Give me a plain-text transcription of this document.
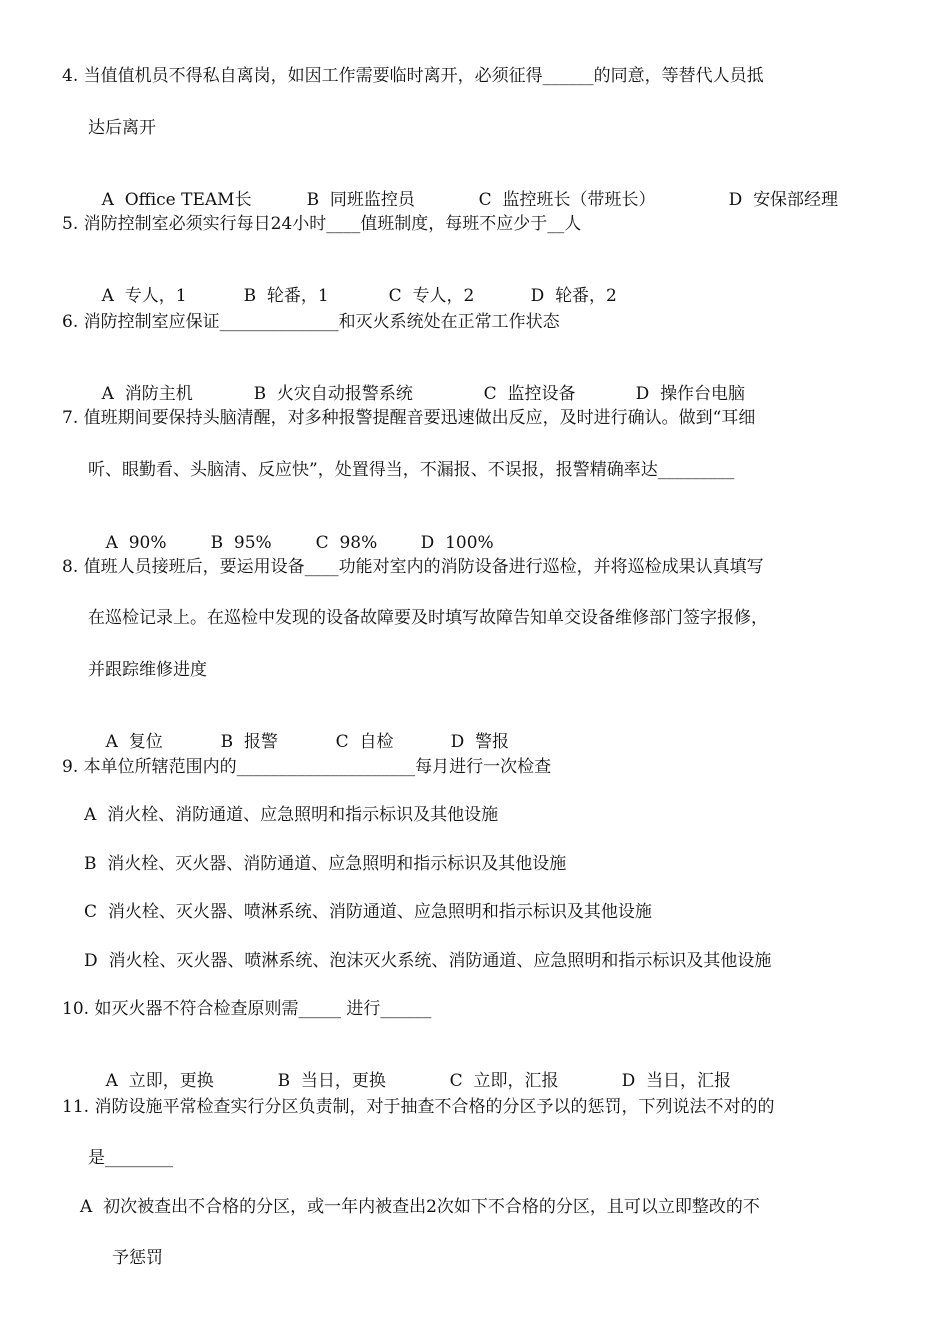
4. 当值值机员不得私自离岗，如因工作需要临时离开，必须征得______的同意，等替代人员抵
达后离开

A  Office TEAM长	B  同班监控员	C  监控班长（带班长）	D  安保部经理

5. 消防控制室必须实行每日24小时____值班制度，每班不应少于__人

A  专人，1	B  轮番，1	C  专人，2	D  轮番，2

6. 消防控制室应保证______________和灭火系统处在正常工作状态

A  消防主机	B  火灾自动报警系统	C  监控设备	D  操作台电脑

7. 值班期间要保持头脑清醒，对多种报警提醒音要迅速做出反应，及时进行确认。做到“耳细
听、眼勤看、头脑清、反应快”，处置得当，不漏报、不误报，报警精确率达_________

A  90%	B  95%	C  98%	D  100%

8. 值班人员接班后，要运用设备____功能对室内的消防设备进行巡检，并将巡检成果认真填写
在巡检记录上。在巡检中发现的设备故障要及时填写故障告知单交设备维修部门签字报修，
并跟踪维修进度

A  复位	B  报警	C  自检	D  警报

9. 本单位所辖范围内的_____________________每月进行一次检查
A  消火栓、消防通道、应急照明和指示标识及其他设施
B  消火栓、灭火器、消防通道、应急照明和指示标识及其他设施
C  消火栓、灭火器、喷淋系统、消防通道、应急照明和指示标识及其他设施
D  消火栓、灭火器、喷淋系统、泡沫灭火系统、消防通道、应急照明和指示标识及其他设施
10. 如灭火器不符合检查原则需_____ 进行______

A  立即，更换	B  当日，更换	C  立即，汇报	D  当日，汇报

11. 消防设施平常检查实行分区负责制，对于抽查不合格的分区予以的惩罚，下列说法不对的的
是________
A  初次被查出不合格的分区，或一年内被查出2次如下不合格的分区，且可以立即整改的不
予惩罚
